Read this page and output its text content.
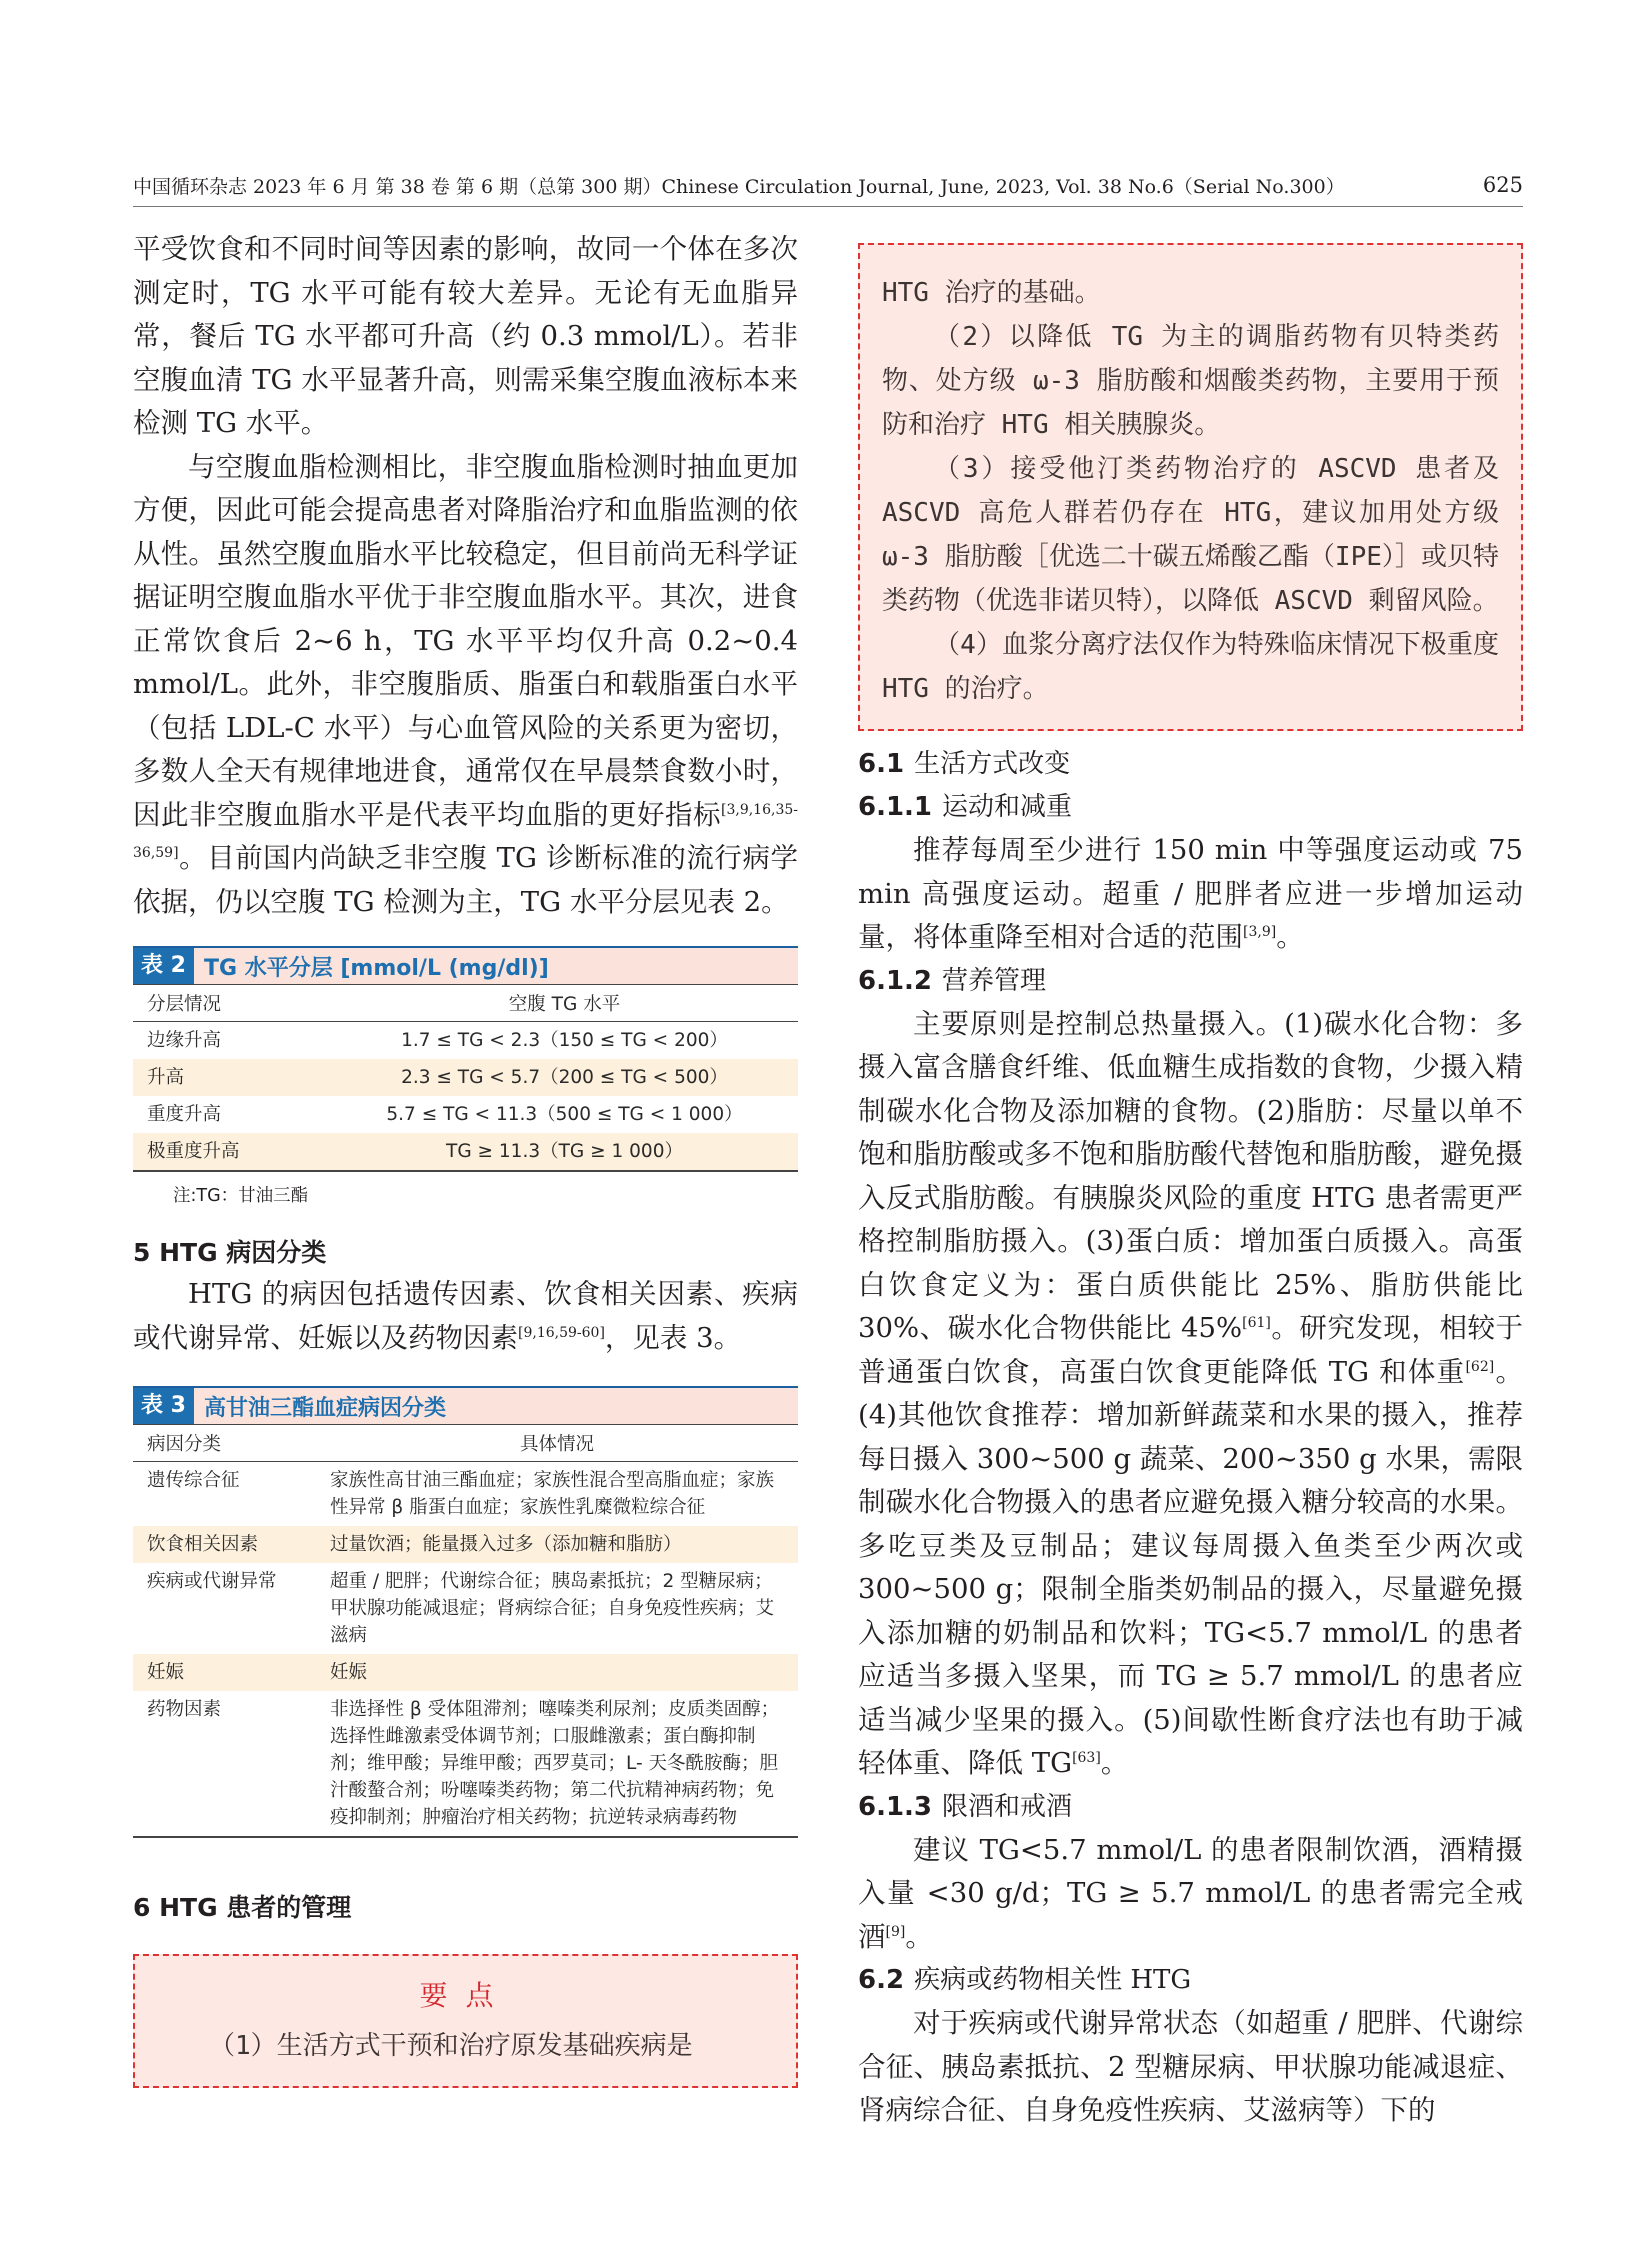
中国循环杂志 2023 年 6 月 第 38 卷 第 6 期（总第 300 期）Chinese Circulation Journal, June, 2023, Vol. 38 No.6（Serial No.300）	625

平受饮食和不同时间等因素的影响，故同一个体在多次测定时，TG 水平可能有较大差异。无论有无血脂异常，餐后 TG 水平都可升高（约 0.3 mmol/L）。若非空腹血清 TG 水平显著升高，则需采集空腹血液标本来检测 TG 水平。

与空腹血脂检测相比，非空腹血脂检测时抽血更加方便，因此可能会提高患者对降脂治疗和血脂监测的依从性。虽然空腹血脂水平比较稳定，但目前尚无科学证据证明空腹血脂水平优于非空腹血脂水平。其次，进食正常饮食后 2~6 h，TG 水平平均仅升高 0.2~0.4 mmol/L。此外，非空腹脂质、脂蛋白和载脂蛋白水平（包括 LDL-C 水平）与心血管风险的关系更为密切，多数人全天有规律地进食，通常仅在早晨禁食数小时，因此非空腹血脂水平是代表平均血脂的更好指标[3,9,16,35-36,59]。目前国内尚缺乏非空腹 TG 诊断标准的流行病学依据，仍以空腹 TG 检测为主，TG 水平分层见表 2。

表 2 TG 水平分层 [mmol/L (mg/dl)]
分层情况	空腹 TG 水平
边缘升高	1.7 ≤ TG < 2.3（150 ≤ TG < 200）
升高	2.3 ≤ TG < 5.7（200 ≤ TG < 500）
重度升高	5.7 ≤ TG < 11.3（500 ≤ TG < 1 000）
极重度升高	TG ≥ 11.3（TG ≥ 1 000）
注:TG：甘油三酯
5 HTG 病因分类

HTG 的病因包括遗传因素、饮食相关因素、疾病或代谢异常、妊娠以及药物因素[9,16,59-60]，见表 3。

表 3 高甘油三酯血症病因分类
病因分类	具体情况
遗传综合征	家族性高甘油三酯血症；家族性混合型高脂血症；家族性异常 β 脂蛋白血症；家族性乳糜微粒综合征
饮食相关因素	过量饮酒；能量摄入过多（添加糖和脂肪）
疾病或代谢异常	超重 / 肥胖；代谢综合征；胰岛素抵抗；2 型糖尿病；甲状腺功能减退症；肾病综合征；自身免疫性疾病；艾滋病
妊娠	妊娠
药物因素	非选择性 β 受体阻滞剂；噻嗪类利尿剂；皮质类固醇；选择性雌激素受体调节剂；口服雌激素；蛋白酶抑制剂；维甲酸；异维甲酸；西罗莫司；L- 天冬酰胺酶；胆汁酸螯合剂；吩噻嗪类药物；第二代抗精神病药物；免疫抑制剂；肿瘤治疗相关药物；抗逆转录病毒药物
6 HTG 患者的管理
要点

（1）生活方式干预和治疗原发基础疾病是

HTG 治疗的基础。

（2）以降低 TG 为主的调脂药物有贝特类药物、处方级 ω-3 脂肪酸和烟酸类药物，主要用于预防和治疗 HTG 相关胰腺炎。

（3）接受他汀类药物治疗的 ASCVD 患者及 ASCVD 高危人群若仍存在 HTG，建议加用处方级 ω-3 脂肪酸［优选二十碳五烯酸乙酯（IPE）］或贝特类药物（优选非诺贝特），以降低 ASCVD 剩留风险。

（4）血浆分离疗法仅作为特殊临床情况下极重度 HTG 的治疗。

6.1 生活方式改变
6.1.1 运动和减重

推荐每周至少进行 150 min 中等强度运动或 75 min 高强度运动。超重 / 肥胖者应进一步增加运动量，将体重降至相对合适的范围[3,9]。

6.1.2 营养管理

主要原则是控制总热量摄入。(1)碳水化合物：多摄入富含膳食纤维、低血糖生成指数的食物，少摄入精制碳水化合物及添加糖的食物。(2)脂肪：尽量以单不饱和脂肪酸或多不饱和脂肪酸代替饱和脂肪酸，避免摄入反式脂肪酸。有胰腺炎风险的重度 HTG 患者需更严格控制脂肪摄入。(3)蛋白质：增加蛋白质摄入。高蛋白饮食定义为：蛋白质供能比 25%、脂肪供能比 30%、碳水化合物供能比 45%[61]。研究发现，相较于普通蛋白饮食，高蛋白饮食更能降低 TG 和体重[62]。(4)其他饮食推荐：增加新鲜蔬菜和水果的摄入，推荐每日摄入 300~500 g 蔬菜、200~350 g 水果，需限制碳水化合物摄入的患者应避免摄入糖分较高的水果。多吃豆类及豆制品；建议每周摄入鱼类至少两次或 300~500 g；限制全脂类奶制品的摄入，尽量避免摄入添加糖的奶制品和饮料；TG<5.7 mmol/L 的患者应适当多摄入坚果，而 TG ≥ 5.7 mmol/L 的患者应适当减少坚果的摄入。(5)间歇性断食疗法也有助于减轻体重、降低 TG[63]。

6.1.3 限酒和戒酒

建议 TG<5.7 mmol/L 的患者限制饮酒，酒精摄入量 <30 g/d；TG ≥ 5.7 mmol/L 的患者需完全戒酒[9]。

6.2 疾病或药物相关性 HTG

对于疾病或代谢异常状态（如超重 / 肥胖、代谢综合征、胰岛素抵抗、2 型糖尿病、甲状腺功能减退症、肾病综合征、自身免疫性疾病、艾滋病等）下的
